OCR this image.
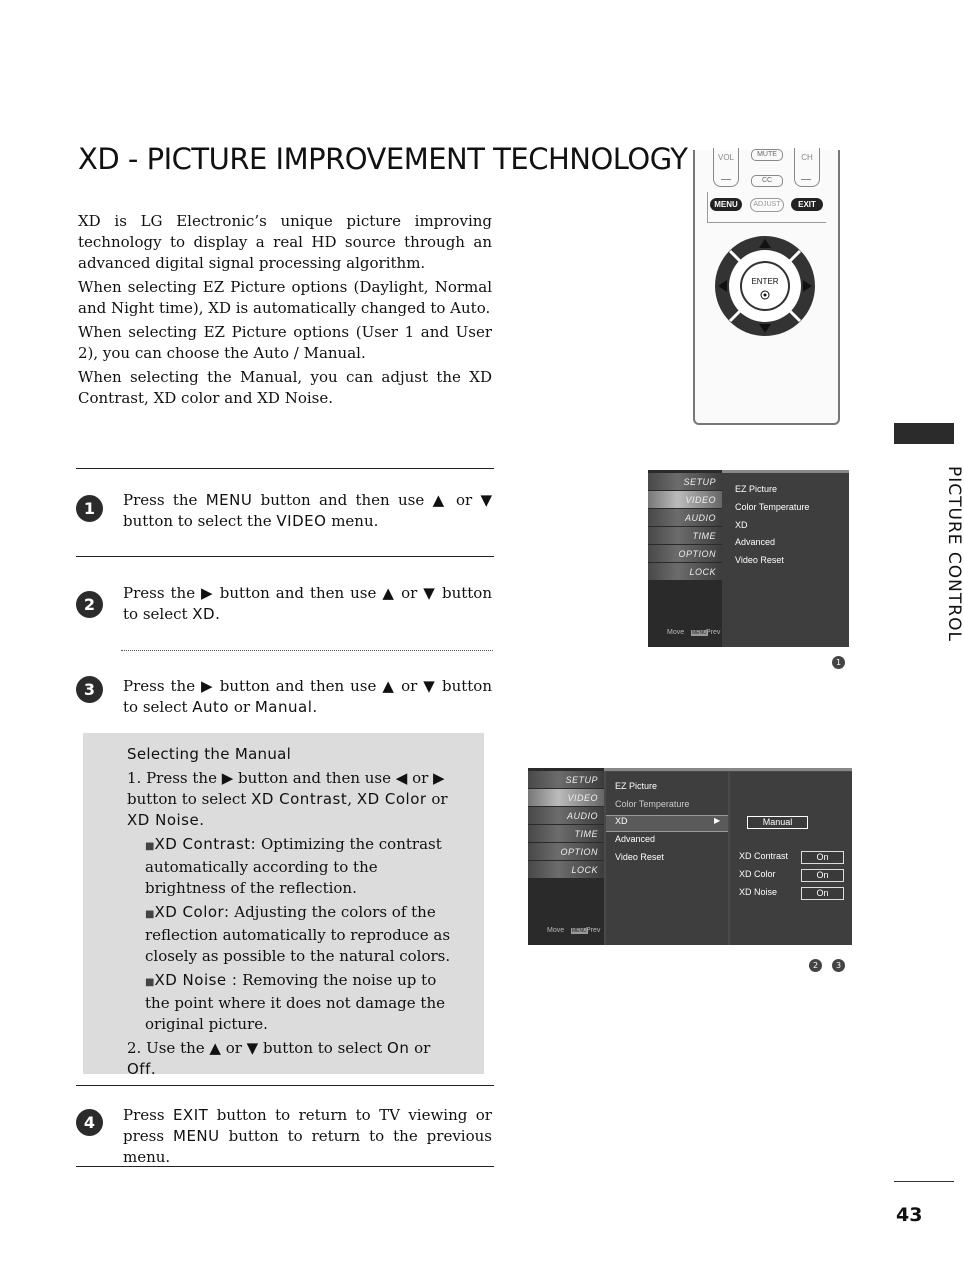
XD - PICTURE IMPROVEMENT TECHNOLOGY

XD is LG Electronic’s unique picture improving technology to display a real HD source through an advanced digital signal processing algorithm.

When selecting EZ Picture options (Daylight, Normal and Night time), XD is automatically changed to Auto.

When selecting EZ Picture options (User 1 and User 2), you can choose the Auto / Manual.

When selecting the Manual, you can adjust the XD Contrast, XD color and XD Noise.

VOL	MUTE
CC
CH
MENU	ADJUST	EXIT
ENTER
1	Press the MENU button and then use ▲ or ▼ button to select the VIDEO menu.
2
Press the ▶ button and then use ▲ or ▼ button to select XD.
3	Press the ▶ button and then use ▲ or ▼ button to select Auto or Manual.
Selecting the Manual

1. Press the ▶ button and then use ◀ or ▶ button to select XD Contrast, XD Color or XD Noise.

■XD Contrast: Optimizing the contrast automatically according to the brightness of the reflection.

■XD Color: Adjusting the colors of the reflection automatically to reproduce as closely as possible to the natural colors.

■XD Noise : Removing the noise up to the point where it does not damage the original picture.

2. Use the ▲ or ▼ button to select On or Off.

4	Press EXIT button to return to TV viewing or press MENU button to return to the previous menu.
SETUP
VIDEO
AUDIO
TIME
OPTION
LOCK
Move MENU Prev
EZ Picture
Color Temperature
XD
Advanced
Video Reset
1
SETUP
VIDEO
AUDIO
TIME
OPTION
LOCK
Move MENU Prev
EZ Picture
Color Temperature
XD	▶
Advanced
Video Reset
Manual
XD Contrast	On
XD Color	On
XD Noise	On
2	3
PICTURE CONTROL
43
